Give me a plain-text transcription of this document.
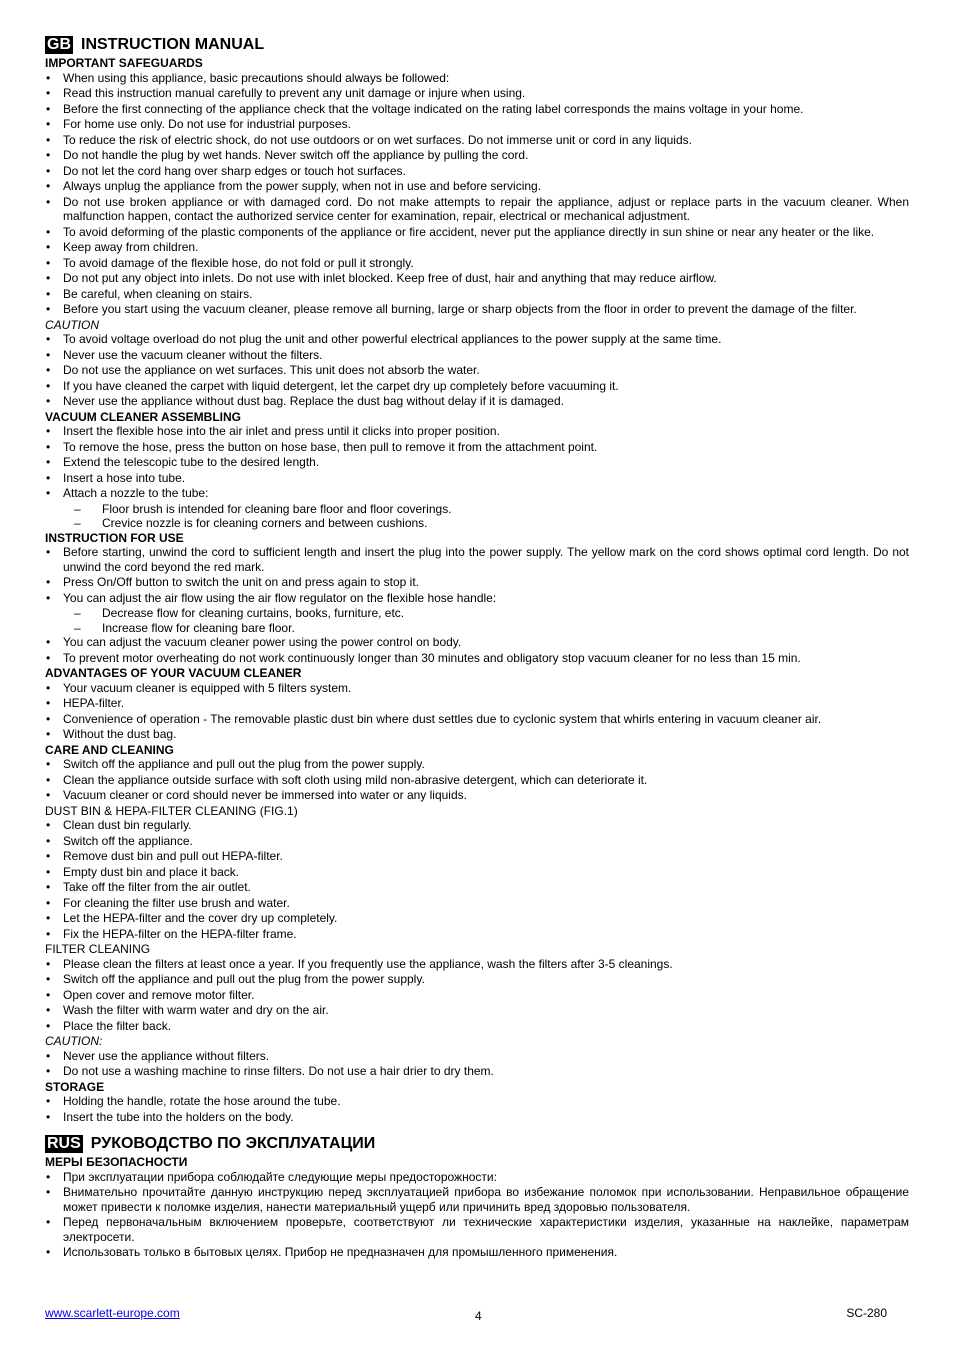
GB INSTRUCTION MANUAL
IMPORTANT SAFEGUARDS
• When using this appliance, basic precautions should always be followed:
• Read this instruction manual carefully to prevent any unit damage or injure when using.
• Before the first connecting of the appliance check that the voltage indicated on the rating label corresponds the mains voltage in your home.
• For home use only. Do not use for industrial purposes.
• To reduce the risk of electric shock, do not use outdoors or on wet surfaces. Do not immerse unit or cord in any liquids.
• Do not handle the plug by wet hands. Never switch off the appliance by pulling the cord.
• Do not let the cord hang over sharp edges or touch hot surfaces.
• Always unplug the appliance from the power supply, when not in use and before servicing.
• Do not use broken appliance or with damaged cord. Do not make attempts to repair the appliance, adjust or replace parts in the vacuum cleaner. When malfunction happen, contact the authorized service center for examination, repair, electrical or mechanical adjustment.
• To avoid deforming of the plastic components of the appliance or fire accident, never put the appliance directly in sun shine or near any heater or the like.
• Keep away from children.
• To avoid damage of the flexible hose, do not fold or pull it strongly.
• Do not put any object into inlets. Do not use with inlet blocked. Keep free of dust, hair and anything that may reduce airflow.
• Be careful, when cleaning on stairs.
• Before you start using the vacuum cleaner, please remove all burning, large or sharp objects from the floor in order to prevent the damage of the filter.
CAUTION
• To avoid voltage overload do not plug the unit and other powerful electrical appliances to the power supply at the same time.
• Never use the vacuum cleaner without the filters.
• Do not use the appliance on wet surfaces. This unit does not absorb the water.
• If you have cleaned the carpet with liquid detergent, let the carpet dry up completely before vacuuming it.
• Never use the appliance without dust bag. Replace the dust bag without delay if it is damaged.
VACUUM CLEANER ASSEMBLING
• Insert the flexible hose into the air inlet and press until it clicks into proper position.
• To remove the hose, press the button on hose base, then pull to remove it from the attachment point.
• Extend the telescopic tube to the desired length.
• Insert a hose into tube.
• Attach a nozzle to the tube:
– Floor brush is intended for cleaning bare floor and floor coverings.
– Crevice nozzle is for cleaning corners and between cushions.
INSTRUCTION FOR USE
• Before starting, unwind the cord to sufficient length and insert the plug into the power supply. The yellow mark on the cord shows optimal cord length. Do not unwind the cord beyond the red mark.
• Press On/Off button to switch the unit on and press again to stop it.
• You can adjust the air flow using the air flow regulator on the flexible hose handle:
– Decrease flow for cleaning curtains, books, furniture, etc.
– Increase flow for cleaning bare floor.
• You can adjust the vacuum cleaner power using the power control on body.
• To prevent motor overheating do not work continuously longer than 30 minutes and obligatory stop vacuum cleaner for no less than 15 min.
ADVANTAGES OF YOUR VACUUM CLEANER
• Your vacuum cleaner is equipped with 5 filters system.
• HEPA-filter.
• Convenience of operation - The removable plastic dust bin where dust settles due to cyclonic system that whirls entering in vacuum cleaner air.
• Without the dust bag.
CARE AND CLEANING
• Switch off the appliance and pull out the plug from the power supply.
• Clean the appliance outside surface with soft cloth using mild non-abrasive detergent, which can deteriorate it.
• Vacuum cleaner or cord should never be immersed into water or any liquids.
DUST BIN & HEPA-FILTER CLEANING (FIG.1)
• Clean dust bin regularly.
• Switch off the appliance.
• Remove dust bin and pull out HEPA-filter.
• Empty dust bin and place it back.
• Take off the filter from the air outlet.
• For cleaning the filter use brush and water.
• Let the HEPA-filter and the cover dry up completely.
• Fix the HEPA-filter on the HEPA-filter frame.
FILTER CLEANING
• Please clean the filters at least once a year. If you frequently use the appliance, wash the filters after 3-5 cleanings.
• Switch off the appliance and pull out the plug from the power supply.
• Open cover and remove motor filter.
• Wash the filter with warm water and dry on the air.
• Place the filter back.
CAUTION:
• Never use the appliance without filters.
• Do not use a washing machine to rinse filters. Do not use a hair drier to dry them.
STORAGE
• Holding the handle, rotate the hose around the tube.
• Insert the tube into the holders on the body.
RUS РУКОВОДСТВО ПО ЭКСПЛУАТАЦИИ
МЕРЫ БЕЗОПАСНОСТИ
• При эксплуатации прибора соблюдайте следующие меры предосторожности:
• Внимательно прочитайте данную инструкцию перед эксплуатацией прибора во избежание поломок при использовании. Неправильное обращение может привести к поломке изделия, нанести материальный ущерб или причинить вред здоровью пользователя.
• Перед первоначальным включением проверьте, соответствуют ли технические характеристики изделия, указанные на наклейке, параметрам электросети.
• Использовать только в бытовых целях. Прибор не предназначен для промышленного применения.
www.scarlett-europe.com	4	SC-280
